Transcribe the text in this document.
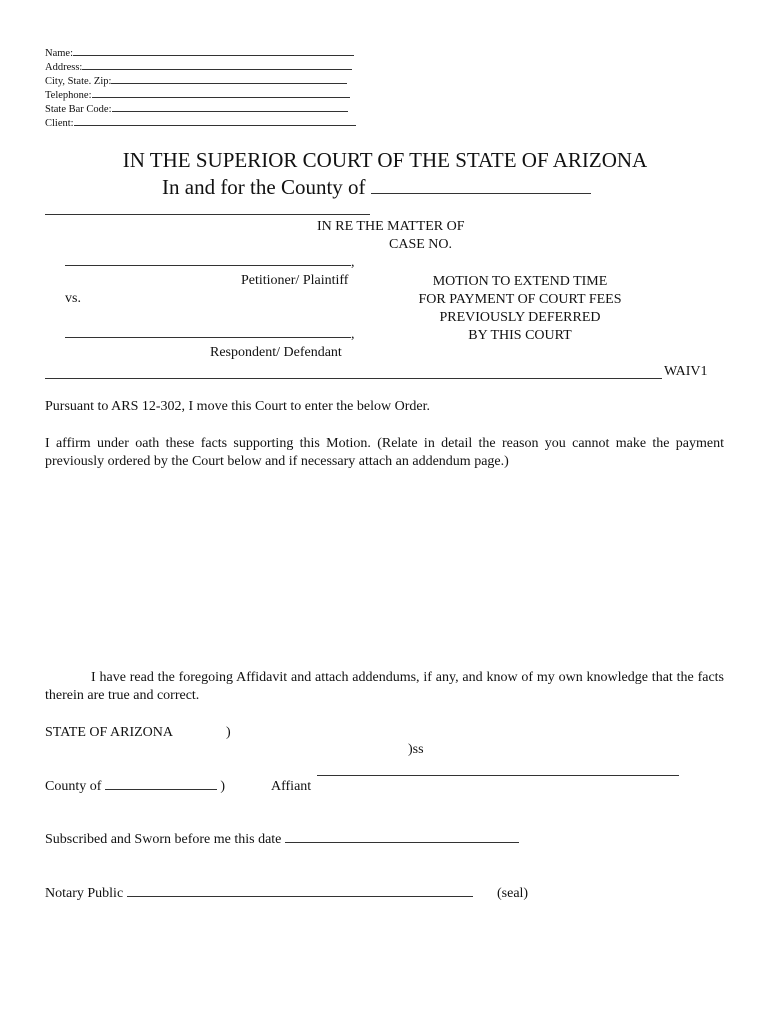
Name:
Address:
City, State. Zip:
Telephone:
State Bar Code:
Client:
IN THE SUPERIOR COURT OF THE STATE OF ARIZONA
In and for the County of
IN RE THE MATTER OF
CASE NO.
,
Petitioner/ Plaintiff
vs.
,
Respondent/ Defendant
MOTION TO EXTEND TIME
FOR PAYMENT OF COURT FEES
PREVIOUSLY DEFERRED
BY THIS COURT
WAIV1
Pursuant to ARS 12-302, I move this Court to enter the below Order.
I affirm under oath these facts supporting this Motion. (Relate in detail the reason you cannot make the payment previously ordered by the Court below and if necessary attach an addendum page.)
I have read the foregoing Affidavit and attach addendums, if any, and know of my own knowledge that the facts therein are true and correct.
STATE OF ARIZONA	)
)ss
County of	)	Affiant
Subscribed and Sworn before me this date
Notary Public	(seal)
